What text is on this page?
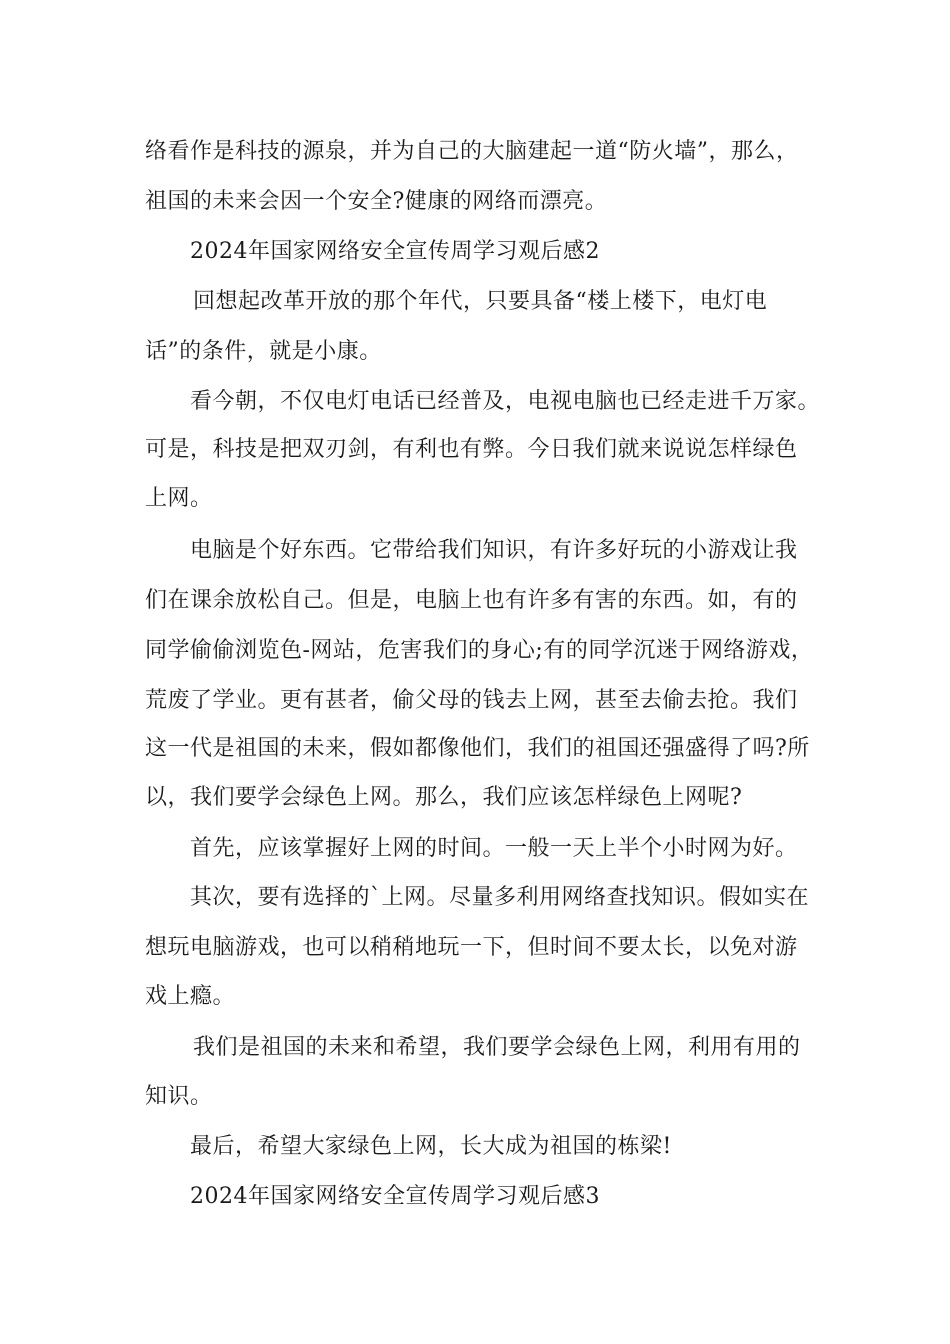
络看作是科技的源泉，并为自己的大脑建起一道“防火墙”，那么，
祖国的未来会因一个安全?健康的网络而漂亮。
2024年国家网络安全宣传周学习观后感2
回想起改革开放的那个年代，只要具备“楼上楼下，电灯电
话”的条件，就是小康。
看今朝，不仅电灯电话已经普及，电视电脑也已经走进千万家。
可是，科技是把双刃剑，有利也有弊。今日我们就来说说怎样绿色
上网。
电脑是个好东西。它带给我们知识，有许多好玩的小游戏让我
们在课余放松自己。但是，电脑上也有许多有害的东西。如，有的
同学偷偷浏览色-网站，危害我们的身心;有的同学沉迷于网络游戏，
荒废了学业。更有甚者，偷父母的钱去上网，甚至去偷去抢。我们
这一代是祖国的未来，假如都像他们，我们的祖国还强盛得了吗?所
以，我们要学会绿色上网。那么，我们应该怎样绿色上网呢?
首先，应该掌握好上网的时间。一般一天上半个小时网为好。
其次，要有选择的`上网。尽量多利用网络查找知识。假如实在
想玩电脑游戏，也可以稍稍地玩一下，但时间不要太长，以免对游
戏上瘾。
我们是祖国的未来和希望，我们要学会绿色上网，利用有用的
知识。
最后，希望大家绿色上网，长大成为祖国的栋梁!
2024年国家网络安全宣传周学习观后感3
